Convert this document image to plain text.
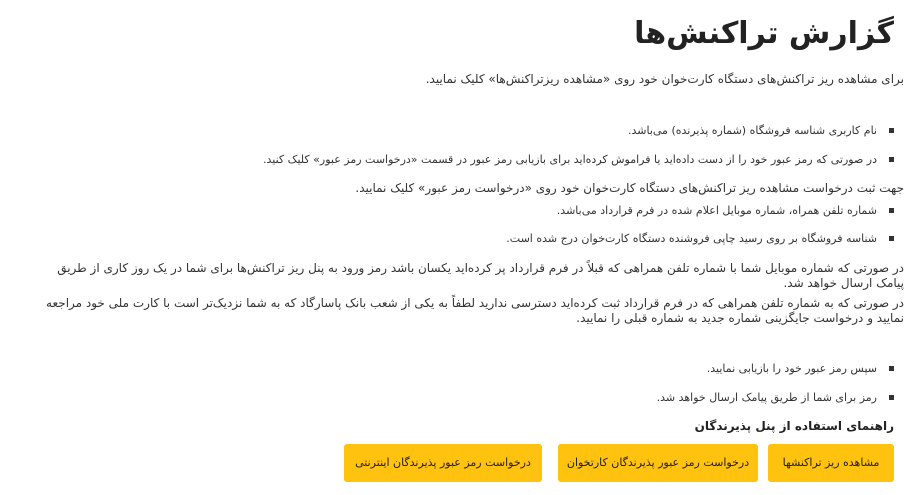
گزارش تراکنش‌ها

برای مشاهده ریز تراکنش‌های دستگاه کارت‌خوان خود روی «مشاهده ریزتراکنش‌ها» کلیک نمایید.

نام کاربری شناسه فروشگاه (شماره پذیرنده) می‌باشد.
در صورتی که رمز عبور خود را از دست داده‌اید یا فراموش کرده‌اید برای بازیابی رمز عبور در قسمت «درخواست رمز عبور» کلیک کنید.

جهت ثبت درخواست مشاهده ریز تراکنش‌های دستگاه کارت‌خوان خود روی «درخواست رمز عبور» کلیک نمایید.

شماره تلفن همراه، شماره موبایل اعلام شده در فرم قرارداد می‌باشد.
شناسه فروشگاه بر روی رسید چاپی فروشنده دستگاه کارت‌خوان درج شده است.

در صورتی که شماره موبایل شما با شماره تلفن همراهی که قبلاً در فرم قرارداد پر کرده‌اید یکسان باشد رمز ورود به پنل ریز تراکنش‌ها برای شما در یک روز کاری از طریق

پیامک ارسال خواهد شد.

در صورتی که به شماره تلفن همراهی که در فرم قرارداد ثبت کرده‌اید دسترسی ندارید لطفاً به یکی از شعب بانک پاسارگاد که به شما نزدیک‌تر است با کارت ملی خود مراجعه

نمایید و درخواست جایگزینی شماره جدید به شماره قبلی را نمایید.

سپس رمز عبور خود را بازیابی نمایید.
رمز برای شما از طریق پیامک ارسال خواهد شد.
راهنمای استفاده از پنل پذیرندگان
مشاهده ریز تراکنشها
درخواست رمز عبور پذیرندگان کارتخوان
درخواست رمز عبور پذیرندگان اینترنتی
